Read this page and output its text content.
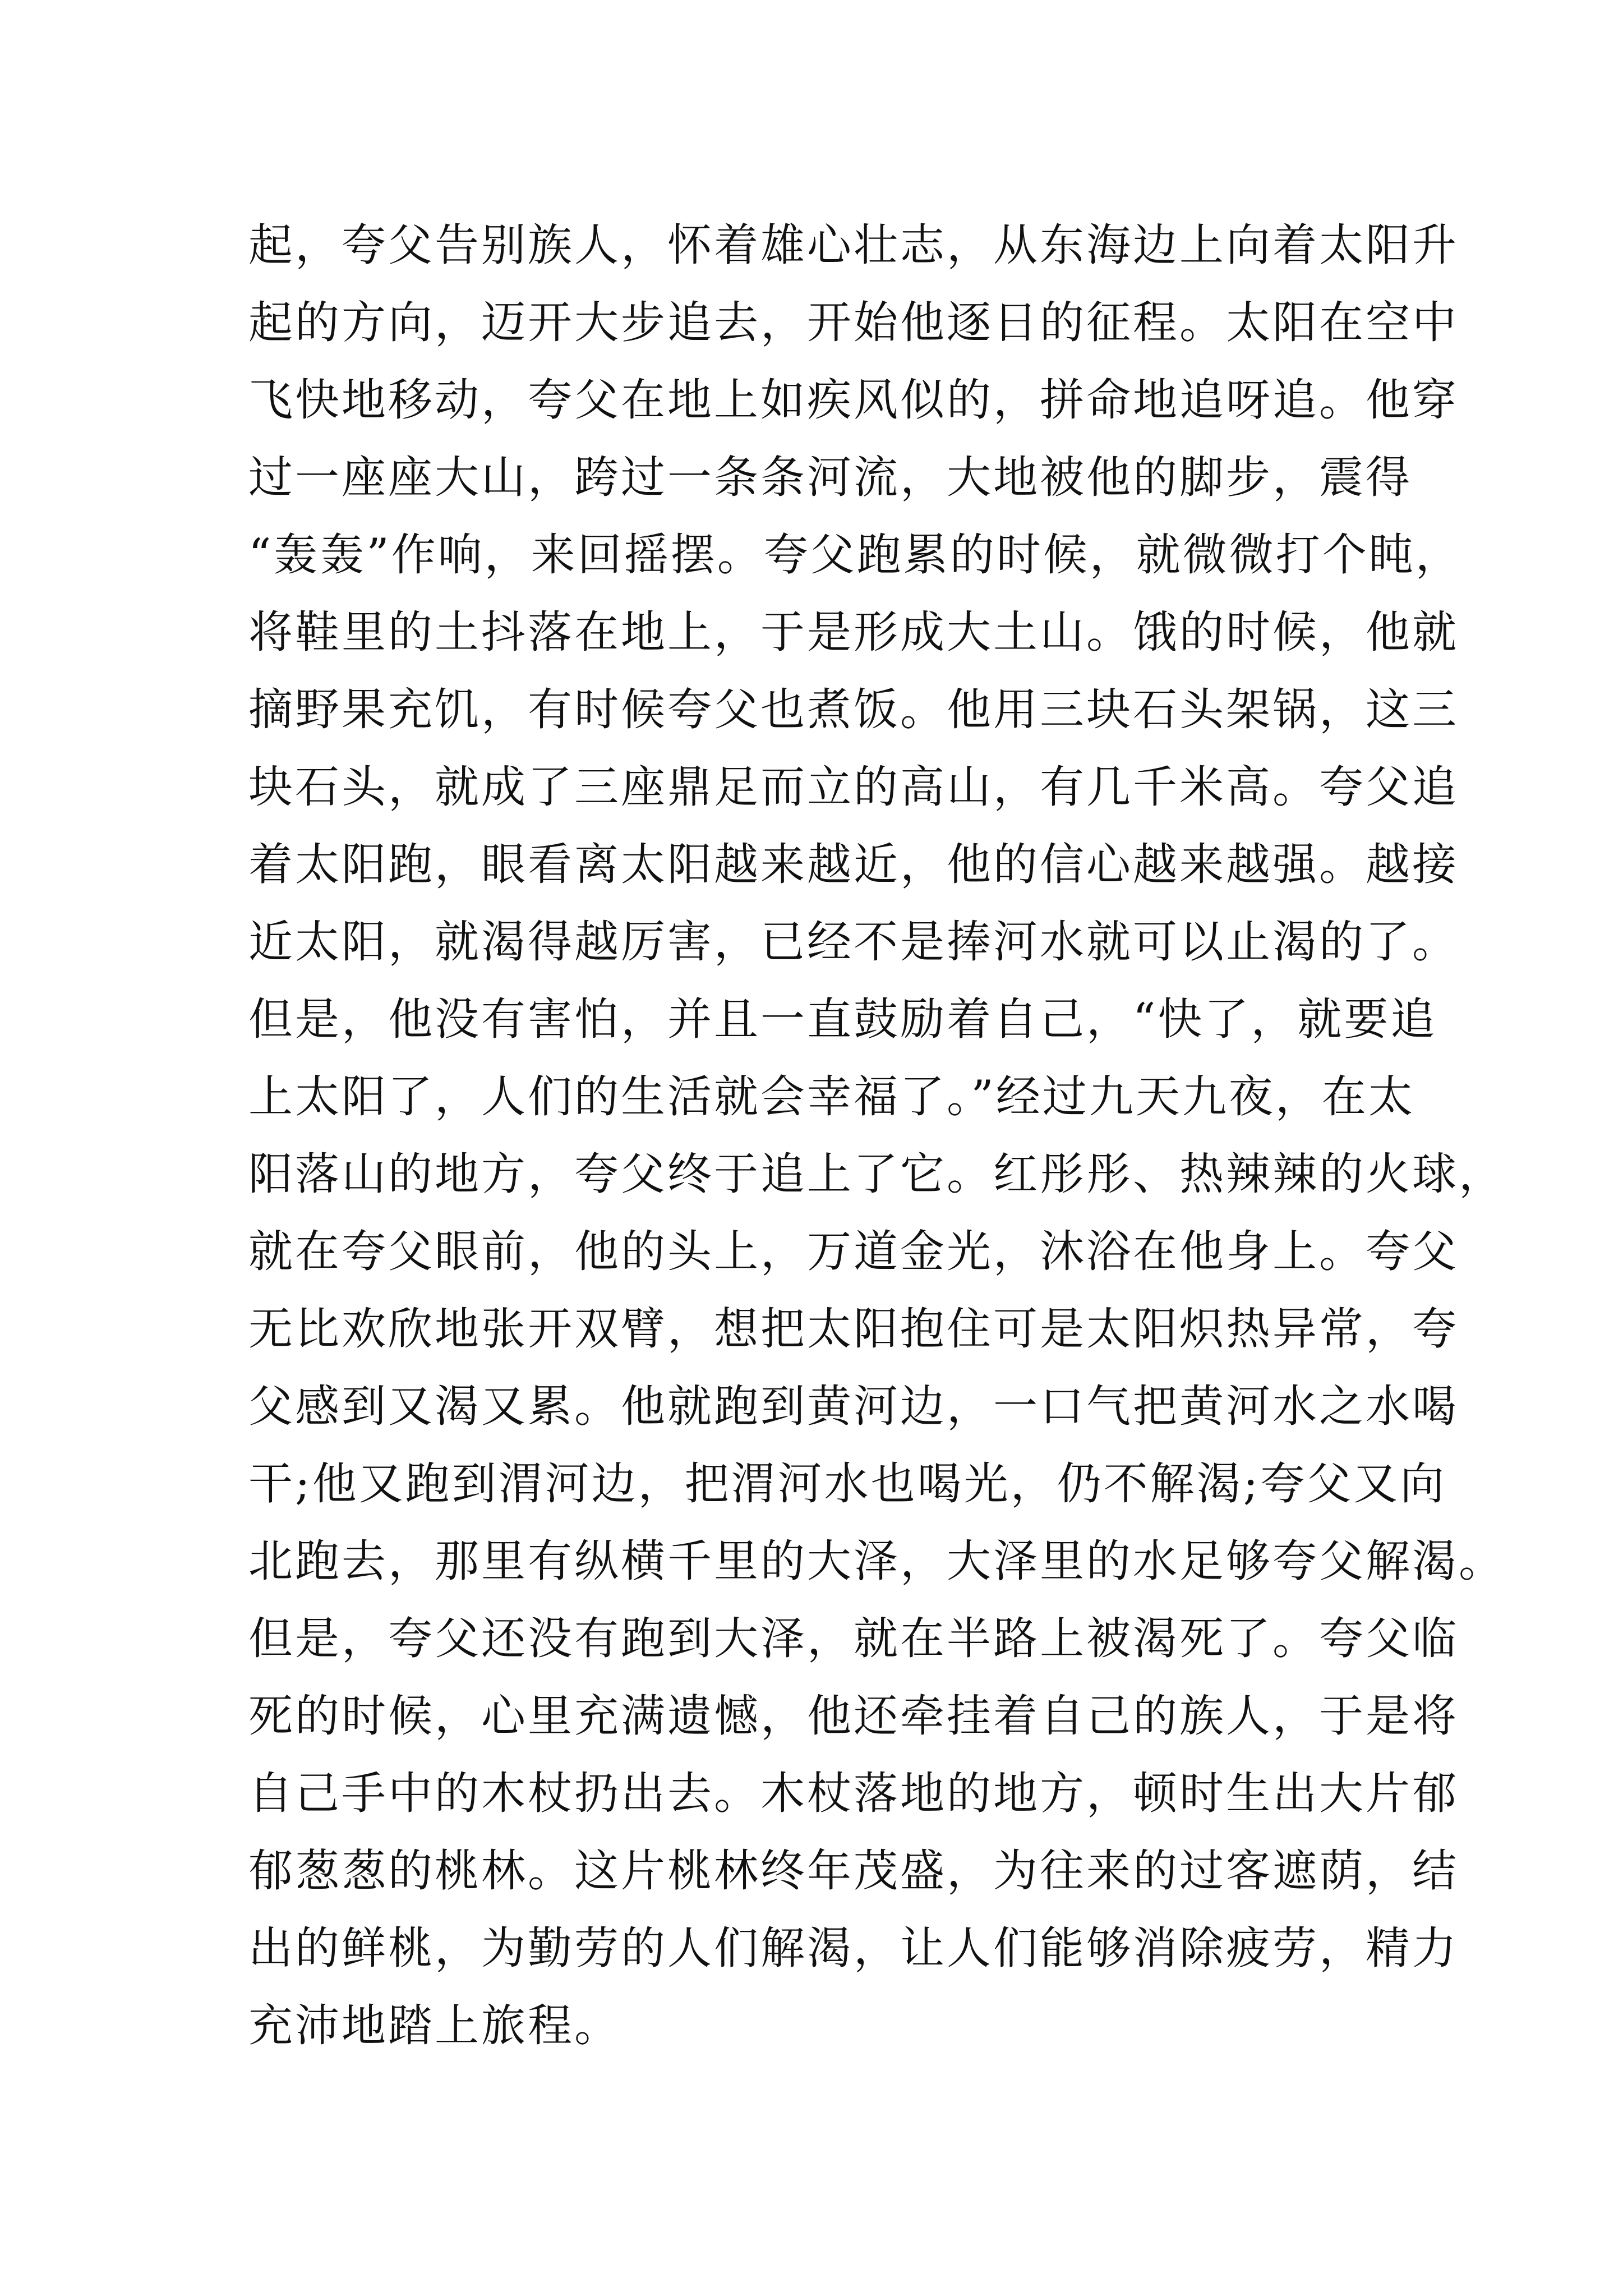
起，夸父告别族人，怀着雄心壮志，从东海边上向着太阳升
起的方向，迈开大步追去，开始他逐日的征程。太阳在空中
飞快地移动，夸父在地上如疾风似的，拼命地追呀追。他穿
过一座座大山，跨过一条条河流，大地被他的脚步，震得
“轰轰”作响，来回摇摆。夸父跑累的时候，就微微打个盹，
将鞋里的土抖落在地上，于是形成大土山。饿的时候，他就
摘野果充饥，有时候夸父也煮饭。他用三块石头架锅，这三
块石头，就成了三座鼎足而立的高山，有几千米高。夸父追
着太阳跑，眼看离太阳越来越近，他的信心越来越强。越接
近太阳，就渴得越厉害，已经不是捧河水就可以止渴的了。
但是，他没有害怕，并且一直鼓励着自己，“快了，就要追
上太阳了，人们的生活就会幸福了。”经过九天九夜，在太
阳落山的地方，夸父终于追上了它。红彤彤、热辣辣的火球，
就在夸父眼前，他的头上，万道金光，沐浴在他身上。夸父
无比欢欣地张开双臂，想把太阳抱住可是太阳炽热异常，夸
父感到又渴又累。他就跑到黄河边，一口气把黄河水之水喝
干;他又跑到渭河边，把渭河水也喝光，仍不解渴;夸父又向
北跑去，那里有纵横千里的大泽，大泽里的水足够夸父解渴。
但是，夸父还没有跑到大泽，就在半路上被渴死了。夸父临
死的时候，心里充满遗憾，他还牵挂着自己的族人，于是将
自己手中的木杖扔出去。木杖落地的地方，顿时生出大片郁
郁葱葱的桃林。这片桃林终年茂盛，为往来的过客遮荫，结
出的鲜桃，为勤劳的人们解渴，让人们能够消除疲劳，精力
充沛地踏上旅程。
